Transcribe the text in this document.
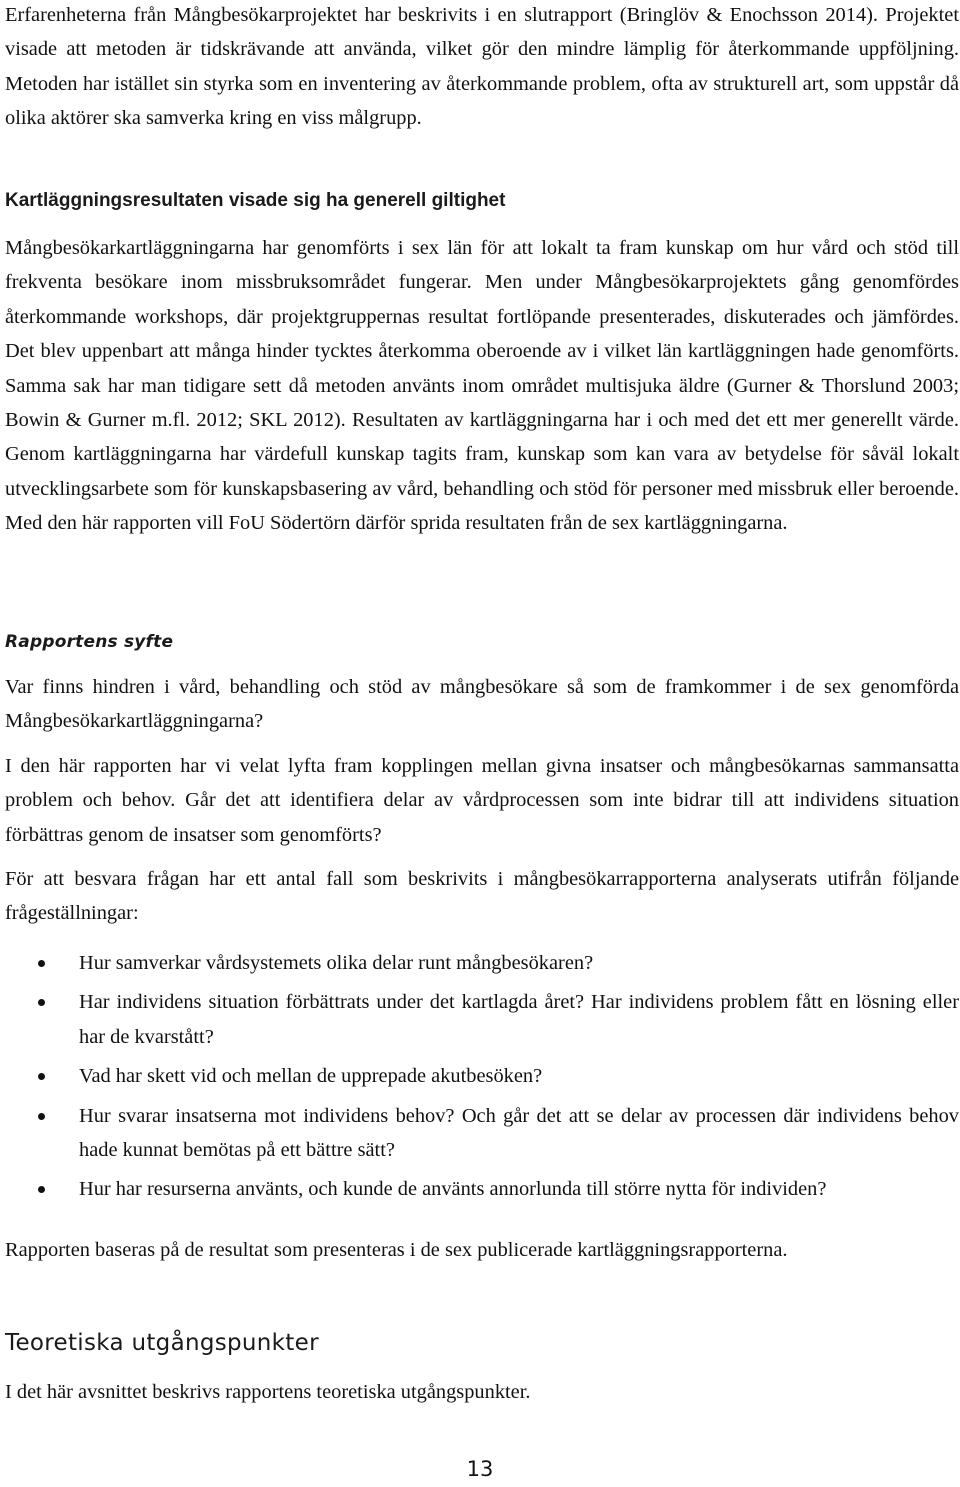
Erfarenheterna från Mångbesökarprojektet har beskrivits i en slutrapport (Bringlöv & Enochsson 2014). Projektet visade att metoden är tidskrävande att använda, vilket gör den mindre lämplig för återkommande uppföljning. Metoden har istället sin styrka som en inventering av återkommande problem, ofta av strukturell art, som uppstår då olika aktörer ska samverka kring en viss målgrupp.

Kartläggningsresultaten visade sig ha generell giltighet

Mångbesökarkartläggningarna har genomförts i sex län för att lokalt ta fram kunskap om hur vård och stöd till frekventa besökare inom missbruksområdet fungerar. Men under Mångbesökarprojektets gång genomfördes återkommande workshops, där projektgruppernas resultat fortlöpande presenterades, diskuterades och jämfördes. Det blev uppenbart att många hinder tycktes återkomma oberoende av i vilket län kartläggningen hade genomförts. Samma sak har man tidigare sett då metoden använts inom området multisjuka äldre (Gurner & Thorslund 2003; Bowin & Gurner m.fl. 2012; SKL 2012). Resultaten av kartläggningarna har i och med det ett mer generellt värde. Genom kartläggningarna har värdefull kunskap tagits fram, kunskap som kan vara av betydelse för såväl lokalt utvecklingsarbete som för kunskapsbasering av vård, behandling och stöd för personer med missbruk eller beroende. Med den här rapporten vill FoU Södertörn därför sprida resultaten från de sex kartläggningarna.

Rapportens syfte

Var finns hindren i vård, behandling och stöd av mångbesökare så som de framkommer i de sex genomförda Mångbesökarkartläggningarna?

I den här rapporten har vi velat lyfta fram kopplingen mellan givna insatser och mångbesökarnas sammansatta problem och behov. Går det att identifiera delar av vårdprocessen som inte bidrar till att individens situation förbättras genom de insatser som genomförts?

För att besvara frågan har ett antal fall som beskrivits i mångbesökarrapporterna analyserats utifrån följande frågeställningar:

Hur samverkar vårdsystemets olika delar runt mångbesökaren?
Har individens situation förbättrats under det kartlagda året? Har individens problem fått en lösning eller har de kvarstått?
Vad har skett vid och mellan de upprepade akutbesöken?
Hur svarar insatserna mot individens behov? Och går det att se delar av processen där individens behov hade kunnat bemötas på ett bättre sätt?
Hur har resurserna använts, och kunde de använts annorlunda till större nytta för individen?

Rapporten baseras på de resultat som presenteras i de sex publicerade kartläggningsrapporterna.

Teoretiska utgångspunkter

I det här avsnittet beskrivs rapportens teoretiska utgångspunkter.

13
